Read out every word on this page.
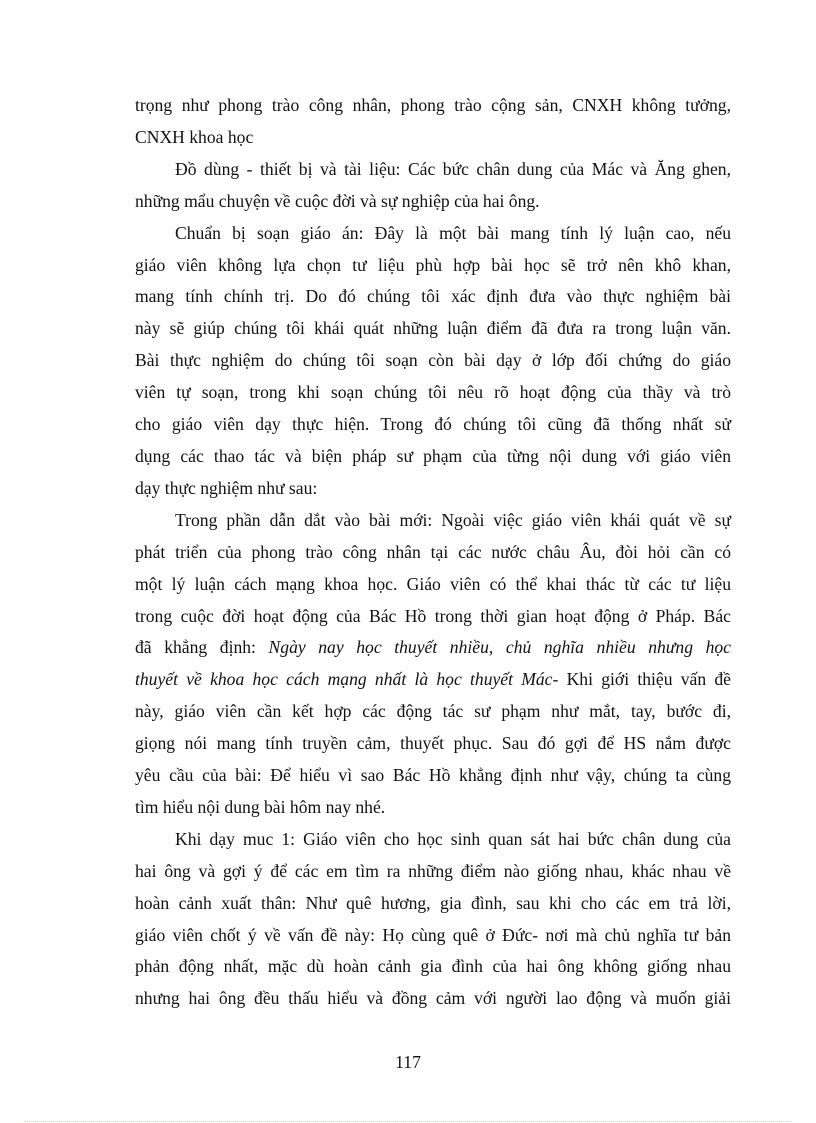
trọng như phong trào công nhân, phong trào cộng sản, CNXH không tưởng,
CNXH khoa học

Đồ dùng - thiết bị và tài liệu: Các bức chân dung của Mác và Ăng ghen,
những mẩu chuyện về cuộc đời và sự nghiệp của hai ông.

Chuẩn bị soạn giáo án: Đây là một bài mang tính lý luận cao, nếu
giáo viên không lựa chọn tư liệu phù hợp bài học sẽ trở nên khô khan,
mang tính chính trị. Do đó chúng tôi xác định đưa vào thực nghiệm bài
này sẽ giúp chúng tôi khái quát những luận điểm đã đưa ra trong luận văn.
Bài thực nghiệm do chúng tôi soạn còn bài dạy ở lớp đối chứng do giáo
viên tự soạn, trong khi soạn chúng tôi nêu rõ hoạt động của thầy và trò
cho giáo viên dạy thực hiện. Trong đó chúng tôi cũng đã thống nhất sử
dụng các thao tác và biện pháp sư phạm của từng nội dung với giáo viên
dạy thực nghiệm như sau:

Trong phần dẫn dắt vào bài mới: Ngoài việc giáo viên khái quát về sự
phát triển của phong trào công nhân tại các nước châu Âu, đòi hỏi cần có
một lý luận cách mạng khoa học. Giáo viên có thể khai thác từ các tư liệu
trong cuộc đời hoạt động của Bác Hồ trong thời gian hoạt động ở Pháp. Bác
đã khẳng định: Ngày nay học thuyết nhiều, chủ nghĩa nhiều nhưng học
thuyết về khoa học cách mạng nhất là học thuyết Mác- Khi giới thiệu vấn đề
này, giáo viên cần kết hợp các động tác sư phạm như mắt, tay, bước đi,
giọng nói mang tính truyền cảm, thuyết phục. Sau đó gợi để HS nắm được
yêu cầu của bài: Để hiểu vì sao Bác Hồ khẳng định như vậy, chúng ta cùng
tìm hiểu nội dung bài hôm nay nhé.

Khi dạy muc 1: Giáo viên cho học sinh quan sát hai bức chân dung của
hai ông và gợi ý để các em tìm ra những điểm nào giống nhau, khác nhau về
hoàn cảnh xuất thân: Như quê hương, gia đình, sau khi cho các em trả lời,
giáo viên chốt ý về vấn đề này: Họ cùng quê ở Đức- nơi mà chủ nghĩa tư bản
phản động nhất, mặc dù hoàn cảnh gia đình của hai ông không giống nhau
nhưng hai ông đều thấu hiểu và đồng cảm với người lao động và muốn giải

117
